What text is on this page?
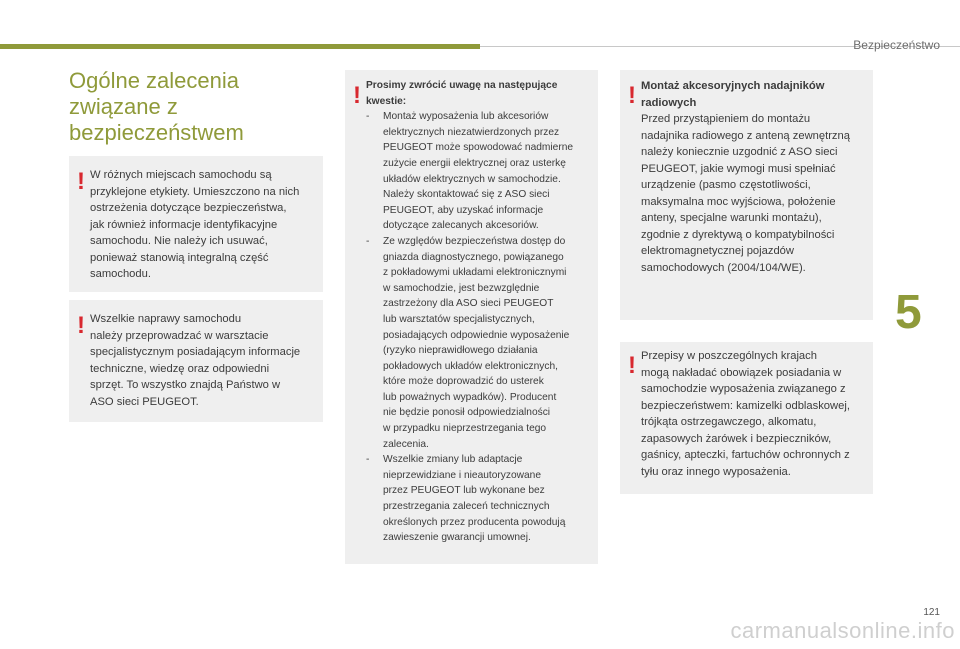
Bezpieczeństwo
5
Ogólne zalecenia
związane z
bezpieczeństwem
! W różnych miejscach samochodu są
przyklejone etykiety. Umieszczono na nich
ostrzeżenia dotyczące bezpieczeństwa,
jak również informacje identyfikacyjne
samochodu. Nie należy ich usuwać,
ponieważ stanowią integralną część
samochodu.
! Wszelkie naprawy samochodu
należy przeprowadzać w warsztacie
specjalistycznym posiadającym informacje
techniczne, wiedzę oraz odpowiedni
sprzęt. To wszystko znajdą Państwo w
ASO sieci PEUGEOT.
! Prosimy zwrócić uwagę na następujące
kwestie:
- Montaż wyposażenia lub akcesoriów
elektrycznych niezatwierdzonych przez
PEUGEOT może spowodować nadmierne
zużycie energii elektrycznej oraz usterkę
układów elektrycznych w samochodzie.
Należy skontaktować się z ASO sieci
PEUGEOT, aby uzyskać informacje
dotyczące zalecanych akcesoriów.
- Ze względów bezpieczeństwa dostęp do
gniazda diagnostycznego, powiązanego
z pokładowymi układami elektronicznymi
w samochodzie, jest bezwzględnie
zastrzeżony dla ASO sieci PEUGEOT
lub warsztatów specjalistycznych,
posiadających odpowiednie wyposażenie
(ryzyko nieprawidłowego działania
pokładowych układów elektronicznych,
które może doprowadzić do usterek
lub poważnych wypadków). Producent
nie będzie ponosił odpowiedzialności
w przypadku nieprzestrzegania tego
zalecenia.
- Wszelkie zmiany lub adaptacje
nieprzewidziane i nieautoryzowane
przez PEUGEOT lub wykonane bez
przestrzegania zaleceń technicznych
określonych przez producenta powodują
zawieszenie gwarancji umownej.
! Montaż akcesoryjnych nadajników
radiowych
Przed przystąpieniem do montażu
nadajnika radiowego z anteną zewnętrzną
należy koniecznie uzgodnić z ASO sieci
PEUGEOT, jakie wymogi musi spełniać
urządzenie (pasmo częstotliwości,
maksymalna moc wyjściowa, położenie
anteny, specjalne warunki montażu),
zgodnie z dyrektywą o kompatybilności
elektromagnetycznej pojazdów
samochodowych (2004/104/WE).
! Przepisy w poszczególnych krajach
mogą nakładać obowiązek posiadania w
samochodzie wyposażenia związanego z
bezpieczeństwem: kamizelki odblaskowej,
trójkąta ostrzegawczego, alkomatu,
zapasowych żarówek i bezpieczników,
gaśnicy, apteczki, fartuchów ochronnych z
tyłu oraz innego wyposażenia.
121
carmanualsonline.info
